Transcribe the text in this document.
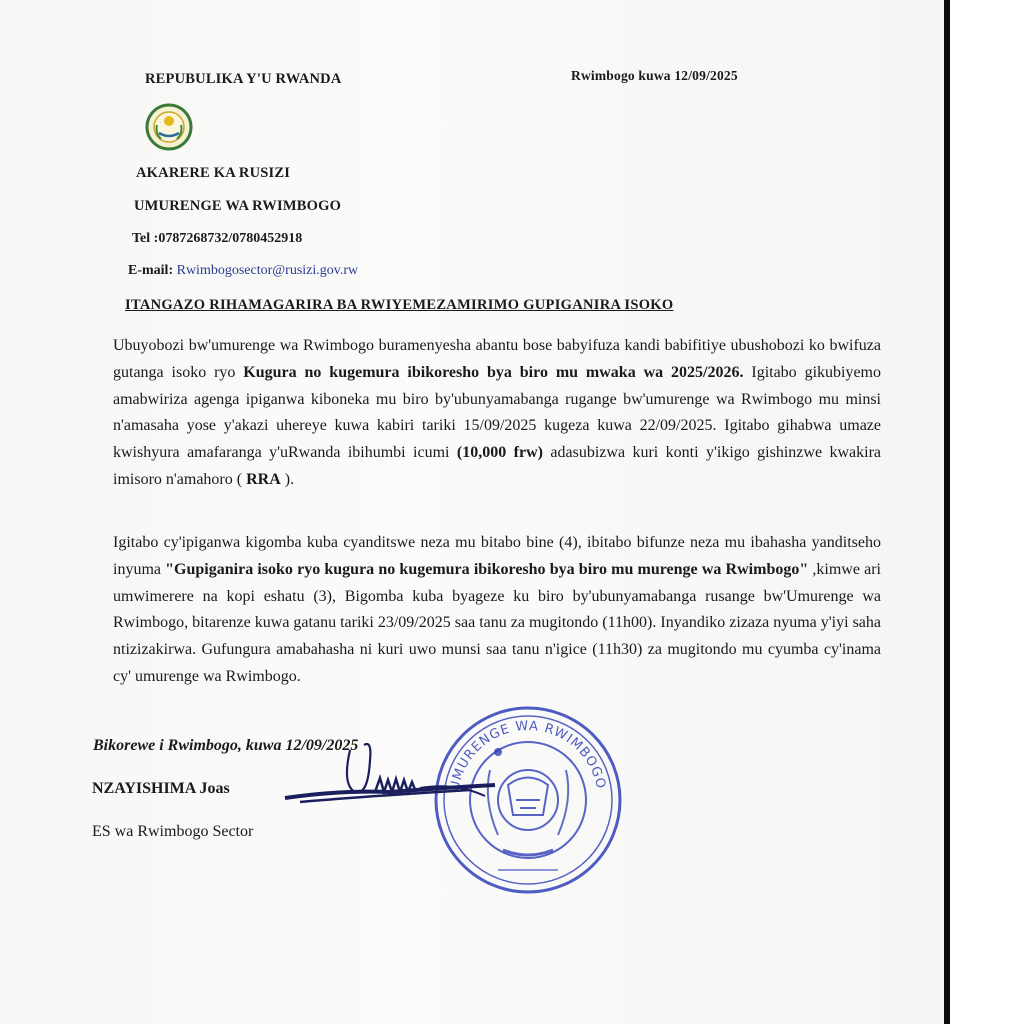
REPUBULIKA Y'U RWANDA	Rwimbogo kuwa 12/09/2025
AKARERE KA RUSIZI
UMURENGE WA RWIMBOGO
Tel :0787268732/0780452918
E-mail: Rwimbogosector@rusizi.gov.rw
ITANGAZO RIHAMAGARIRA BA RWIYEMEZAMIRIMO GUPIGANIRA ISOKO
Ubuyobozi bw'umurenge wa Rwimbogo buramenyesha abantu bose babyifuza kandi babifitiye ubushobozi ko bwifuza gutanga isoko ryo Kugura no kugemura ibikoresho bya biro mu mwaka wa 2025/2026. Igitabo gikubiyemo amabwiriza agenga ipiganwa kiboneka mu biro by'ubunyamabanga rugange bw'umurenge wa Rwimbogo mu minsi n'amasaha yose y'akazi uhereye kuwa kabiri tariki 15/09/2025 kugeza kuwa 22/09/2025. Igitabo gihabwa umaze kwishyura amafaranga y'uRwanda ibihumbi icumi (10,000 frw) adasubizwa kuri konti y'ikigo gishinzwe kwakira imisoro n'amahoro ( RRA ).
Igitabo cy'ipiganwa kigomba kuba cyanditswe neza mu bitabo bine (4), ibitabo bifunze neza mu ibahasha yanditseho inyuma "Gupiganira isoko ryo kugura no kugemura ibikoresho bya biro mu murenge wa Rwimbogo" ,kimwe ari umwimerere na kopi eshatu (3), Bigomba kuba byageze ku biro by'ubunyamabanga rusange bw'Umurenge wa Rwimbogo, bitarenze kuwa gatanu tariki 23/09/2025 saa tanu za mugitondo (11h00). Inyandiko zizaza nyuma y'iyi saha ntizizakirwa. Gufungura amabahasha ni kuri uwo munsi saa tanu n'igice (11h30) za mugitondo mu cyumba cy'inama cy' umurenge wa Rwimbogo.
Bikorewe i Rwimbogo, kuwa 12/09/2025
NZAYISHIMA Joas
ES wa Rwimbogo Sector
UMURENGE WA RWIMBOGO
